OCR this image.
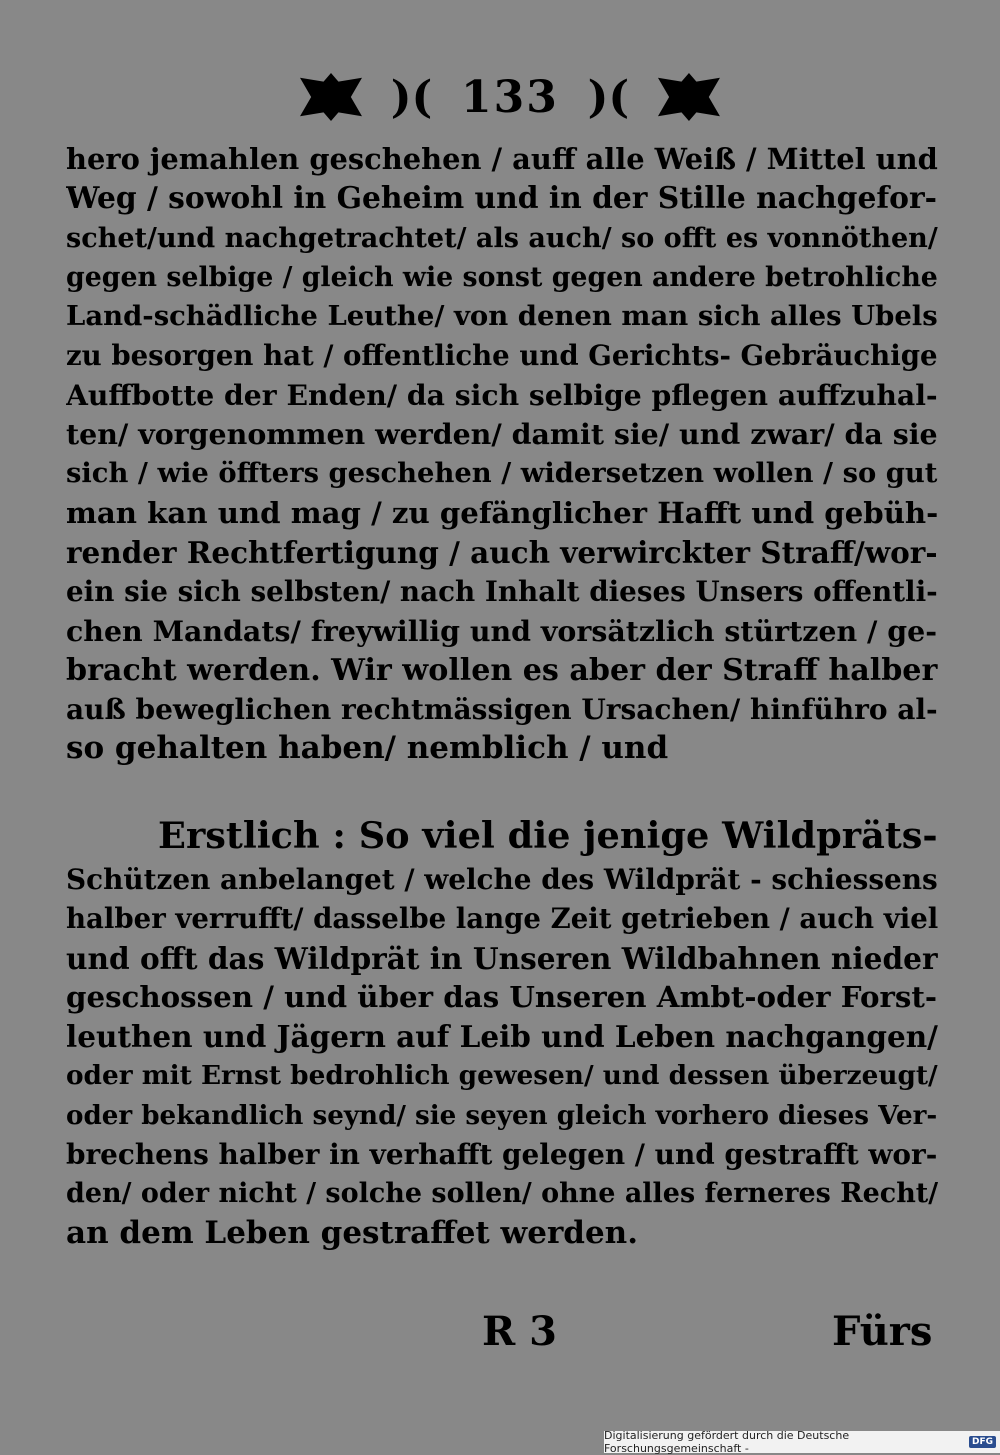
)( 133 )(
hero jemahlen geschehen / auff alle Weiß / Mittel und
Weg / sowohl in Geheim und in der Stille nachgefor-
schet/und nachgetrachtet/ als auch/ so offt es vonnöthen/
gegen selbige / gleich wie sonst gegen andere betrohliche
Land-schädliche Leuthe/ von denen man sich alles Ubels
zu besorgen hat / offentliche und Gerichts- Gebräuchige
Auffbotte der Enden/ da sich selbige pflegen auffzuhal-
ten/ vorgenommen werden/ damit sie/ und zwar/ da sie
sich / wie öffters geschehen / widersetzen wollen / so gut
man kan und mag / zu gefänglicher Hafft und gebüh-
render Rechtfertigung / auch verwirckter Straff/wor-
ein sie sich selbsten/ nach Inhalt dieses Unsers offentli-
chen Mandats/ freywillig und vorsätzlich stürtzen / ge-
bracht werden. Wir wollen es aber der Straff halber
auß beweglichen rechtmässigen Ursachen/ hinführo al-
so gehalten haben/ nemblich / und
Erstlich : So viel die jenige Wildpräts-
Schützen anbelanget / welche des Wildprät - schiessens
halber verrufft/ dasselbe lange Zeit getrieben / auch viel
und offt das Wildprät in Unseren Wildbahnen nieder
geschossen / und über das Unseren Ambt-oder Forst-
leuthen und Jägern auf Leib und Leben nachgangen/
oder mit Ernst bedrohlich gewesen/ und dessen überzeugt/
oder bekandlich seynd/ sie seyen gleich vorhero dieses Ver-
brechens halber in verhafft gelegen / und gestrafft wor-
den/ oder nicht / solche sollen/ ohne alles ferneres Recht/
an dem Leben gestraffet werden.
R 3	Fürs
Digitalisierung gefördert durch die Deutsche Forschungsgemeinschaft -	DFG
